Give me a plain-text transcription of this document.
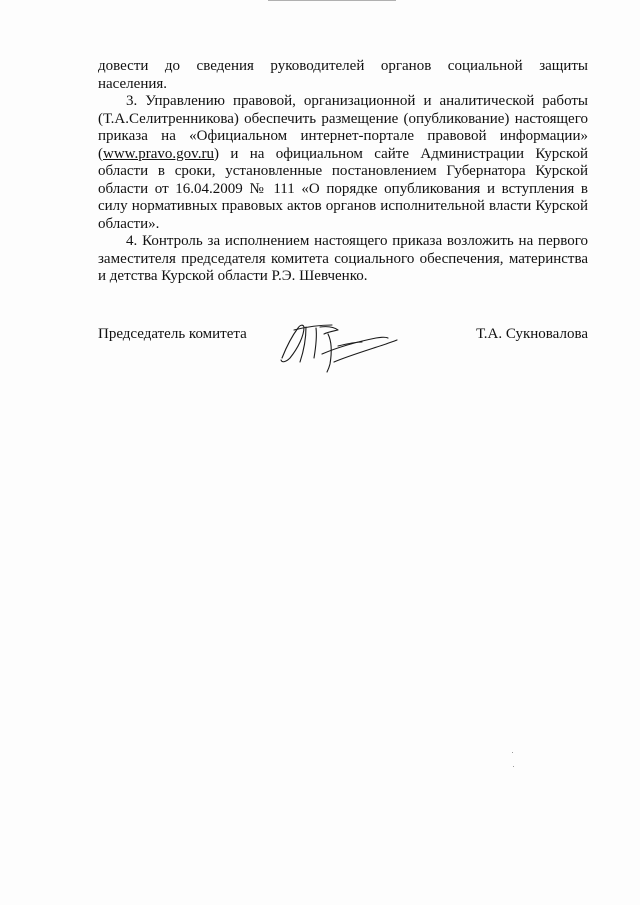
довести до сведения руководителей органов социальной защиты

населения.

3. Управлению правовой, организационной и аналитической работы (Т.А.Селитренникова) обеспечить размещение (опубликование) настоящего приказа на «Официальном интернет-портале правовой информации» (www.pravo.gov.ru) и на официальном сайте Администрации Курской области в сроки, установленные постановлением Губернатора Курской области от 16.04.2009 № 111 «О порядке опубликования и вступления в силу нормативных правовых актов органов исполнительной власти Курской области».

4. Контроль за исполнением настоящего приказа возложить на первого заместителя председателя комитета социального обеспечения, материнства и детства Курской области Р.Э. Шевченко.

Председатель комитета	Т.А. Сукновалова
